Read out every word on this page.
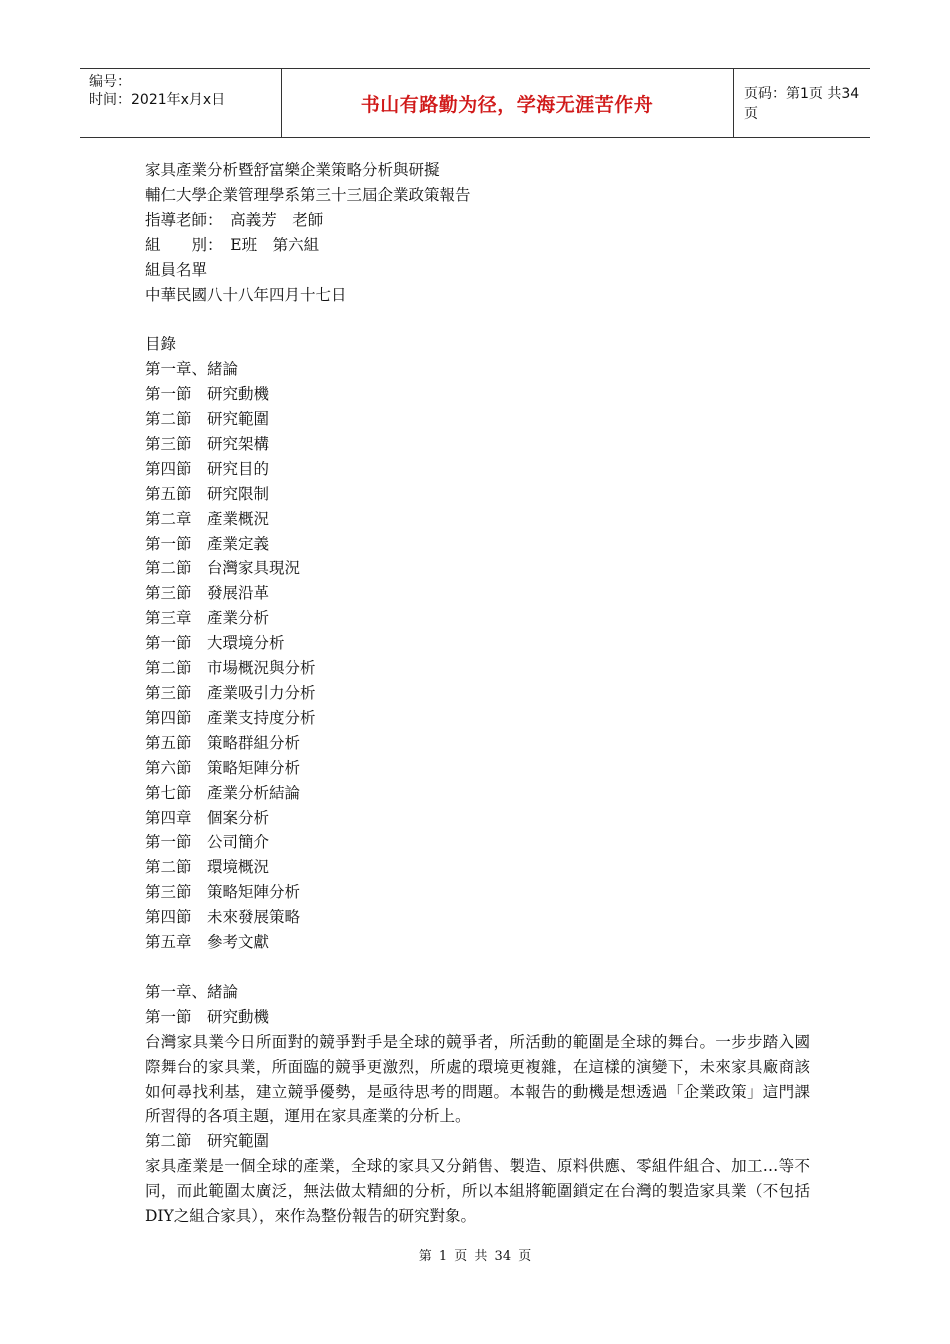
编号：
时间：2021年x月x日	书山有路勤为径，学海无涯苦作舟	页码：第1页 共34页
家具產業分析暨舒富樂企業策略分析與研擬
輔仁大學企業管理學系第三十三屆企業政策報告
指導老師：　高義芳　老師
組　　別：　E班　第六組
組員名單
中華民國八十八年四月十七日
目錄
第一章、緒論
第一節　研究動機
第二節　研究範圍
第三節　研究架構
第四節　研究目的
第五節　研究限制
第二章　產業概況
第一節　產業定義
第二節　台灣家具現況
第三節　發展沿革
第三章　產業分析
第一節　大環境分析
第二節　市場概況與分析
第三節　產業吸引力分析
第四節　產業支持度分析
第五節　策略群組分析
第六節　策略矩陣分析
第七節　產業分析結論
第四章　個案分析
第一節　公司簡介
第二節　環境概況
第三節　策略矩陣分析
第四節　未來發展策略
第五章　參考文獻
第一章、緒論
第一節　研究動機
台灣家具業今日所面對的競爭對手是全球的競爭者，所活動的範圍是全球的舞台。一步步踏入國際舞台的家具業，所面臨的競爭更激烈，所處的環境更複雜，在這樣的演變下，未來家具廠商該如何尋找利基，建立競爭優勢，是亟待思考的問題。本報告的動機是想透過「企業政策」這門課所習得的各項主題，運用在家具產業的分析上。
第二節　研究範圍
家具產業是一個全球的產業，全球的家具又分銷售、製造、原料供應、零組件組合、加工…等不同，而此範圍太廣泛，無法做太精細的分析，所以本組將範圍鎖定在台灣的製造家具業（不包括DIY之組合家具），來作為整份報告的研究對象。
第 1 页 共 34 页
